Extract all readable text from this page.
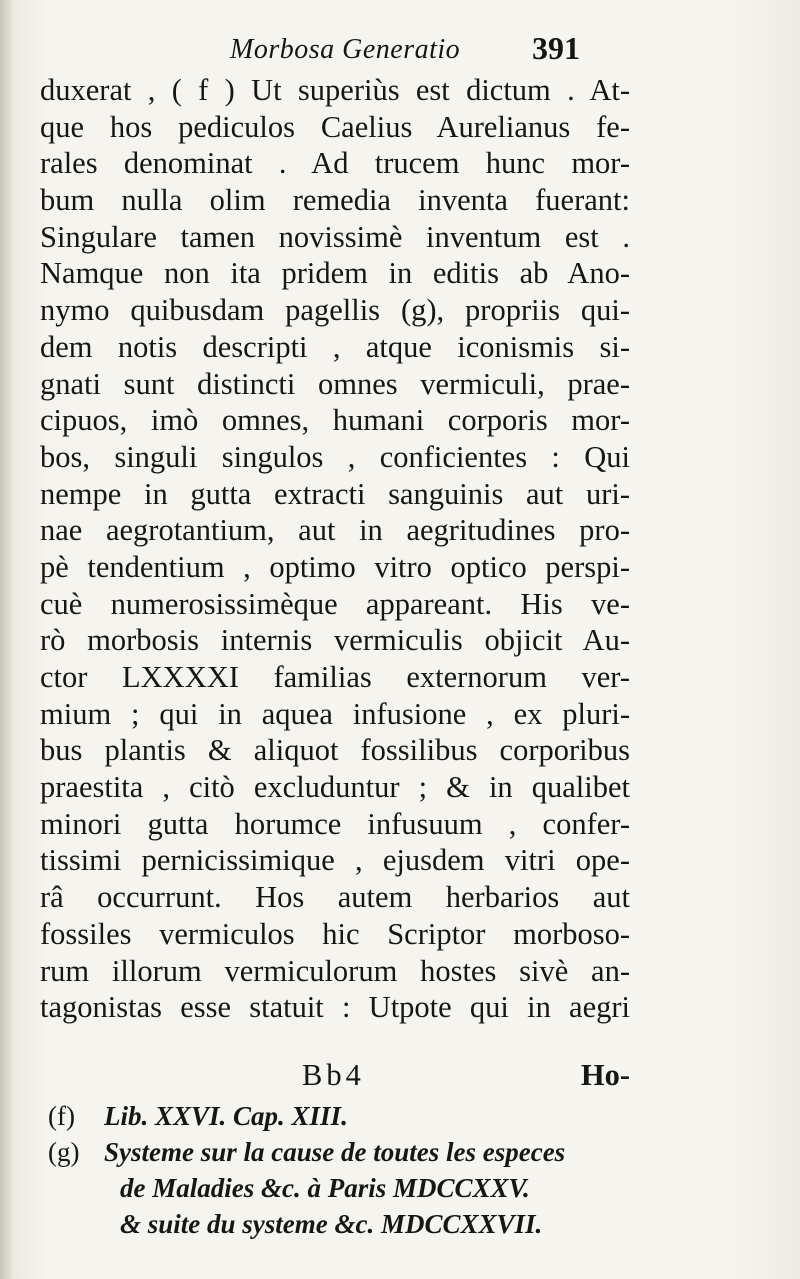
Morbosa Generatio 391
duxerat , ( f ) Ut superiùs est dictum . At-
que hos pediculos Caelius Aurelianus fe-
rales denominat . Ad trucem hunc mor-
bum nulla olim remedia inventa fuerant:
Singulare tamen novissimè inventum est .
Namque non ita pridem in editis ab Ano-
nymo quibusdam pagellis (g), propriis qui-
dem notis descripti , atque iconismis si-
gnati sunt distincti omnes vermiculi, prae-
cipuos, imò omnes, humani corporis mor-
bos, singuli singulos , conficientes : Qui
nempe in gutta extracti sanguinis aut uri-
nae aegrotantium, aut in aegritudines pro-
pè tendentium , optimo vitro optico perspi-
cuè numerosissimèque appareant. His ve-
rò morbosis internis vermiculis objicit Au-
ctor LXXXXI familias externorum ver-
mium ; qui in aquea infusione , ex pluri-
bus plantis & aliquot fossilibus corporibus
praestita , citò excluduntur ; & in qualibet
minori gutta horumce infusuum , confer-
tissimi pernicissimique , ejusdem vitri ope-
râ occurrunt. Hos autem herbarios aut
fossiles vermiculos hic Scriptor morboso-
rum illorum vermiculorum hostes sivè an-
tagonistas esse statuit : Utpote qui in aegri
Bb4	Ho-
(f) Lib. XXVI. Cap. XIII.
(g) Systeme sur la cause de toutes les especes
de Maladies &c. à Paris MDCCXXV.
& suite du systeme &c. MDCCXXVII.
